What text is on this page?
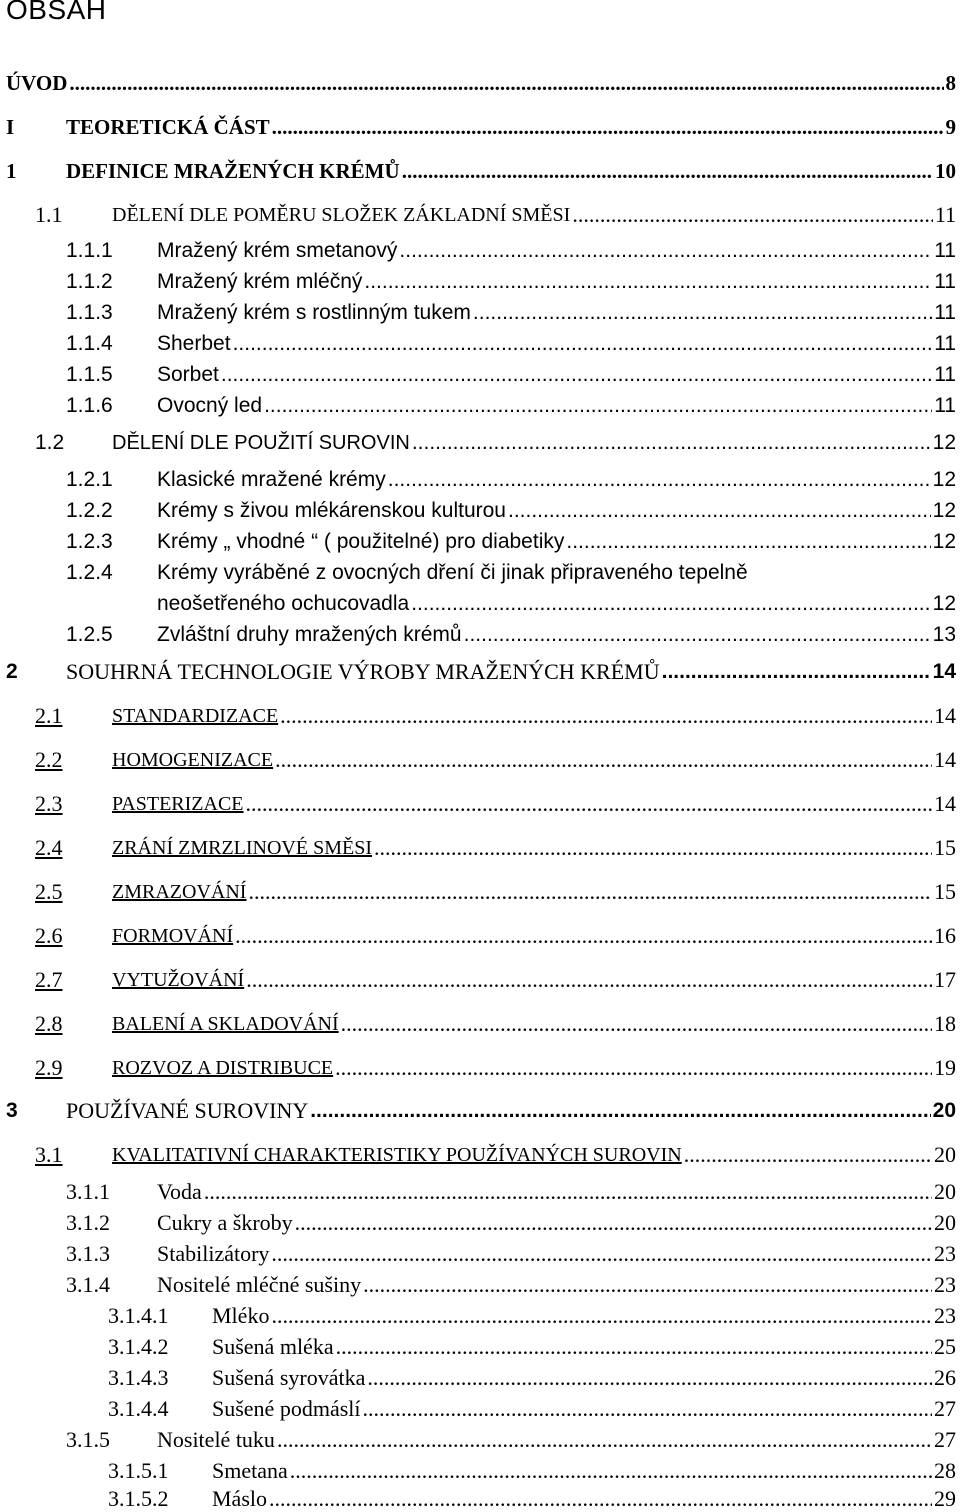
OBSAH
ÚVOD .....	8
I TEORETICKÁ ČÁST .....	9
1 DEFINICE MRAŽENÝCH KRÉMŮ .....	10
1.1 DĚLENÍ DLE POMĚRU SLOŽEK ZÁKLADNÍ SMĚSI .....	11
1.1.1 Mražený krém smetanový .....	11
1.1.2 Mražený krém mléčný .....	11
1.1.3 Mražený krém s rostlinným tukem .....	11
1.1.4 Sherbet .....	11
1.1.5 Sorbet .....	11
1.1.6 Ovocný led .....	11
1.2 DĚLENÍ DLE POUŽITÍ SUROVIN .....	12
1.2.1 Klasické mražené krémy .....	12
1.2.2 Krémy s živou mlékárenskou kulturou .....	12
1.2.3 Krémy „ vhodné “ ( použitelné) pro diabetiky .....	12
1.2.4 Krémy vyráběné z ovocných dření či jinak připraveného tepelně
neošetřeného ochucovadla .....	12
1.2.5 Zvláštní druhy mražených krémů .....	13
2 SOUHRNÁ TECHNOLOGIE VÝROBY MRAŽENÝCH KRÉMŮ .....	14
2.1 STANDARDIZACE .....	14
2.2 HOMOGENIZACE .....	14
2.3 PASTERIZACE .....	14
2.4 ZRÁNÍ ZMRZLINOVÉ SMĚSI .....	15
2.5 ZMRAZOVÁNÍ .....	15
2.6 FORMOVÁNÍ .....	16
2.7 VYTUŽOVÁNÍ .....	17
2.8 BALENÍ A SKLADOVÁNÍ .....	18
2.9 ROZVOZ A DISTRIBUCE .....	19
3 POUŽÍVANÉ SUROVINY .....	20
3.1 KVALITATIVNÍ CHARAKTERISTIKY POUŽÍVANÝCH SUROVIN .....	20
3.1.1 Voda .....	20
3.1.2 Cukry a škroby .....	20
3.1.3 Stabilizátory .....	23
3.1.4 Nositelé mléčné sušiny .....	23
3.1.4.1 Mléko .....	23
3.1.4.2 Sušená mléka .....	25
3.1.4.3 Sušená syrovátka .....	26
3.1.4.4 Sušené podmáslí .....	27
3.1.5 Nositelé tuku .....	27
3.1.5.1 Smetana .....	28
3.1.5.2 Máslo .....	29
